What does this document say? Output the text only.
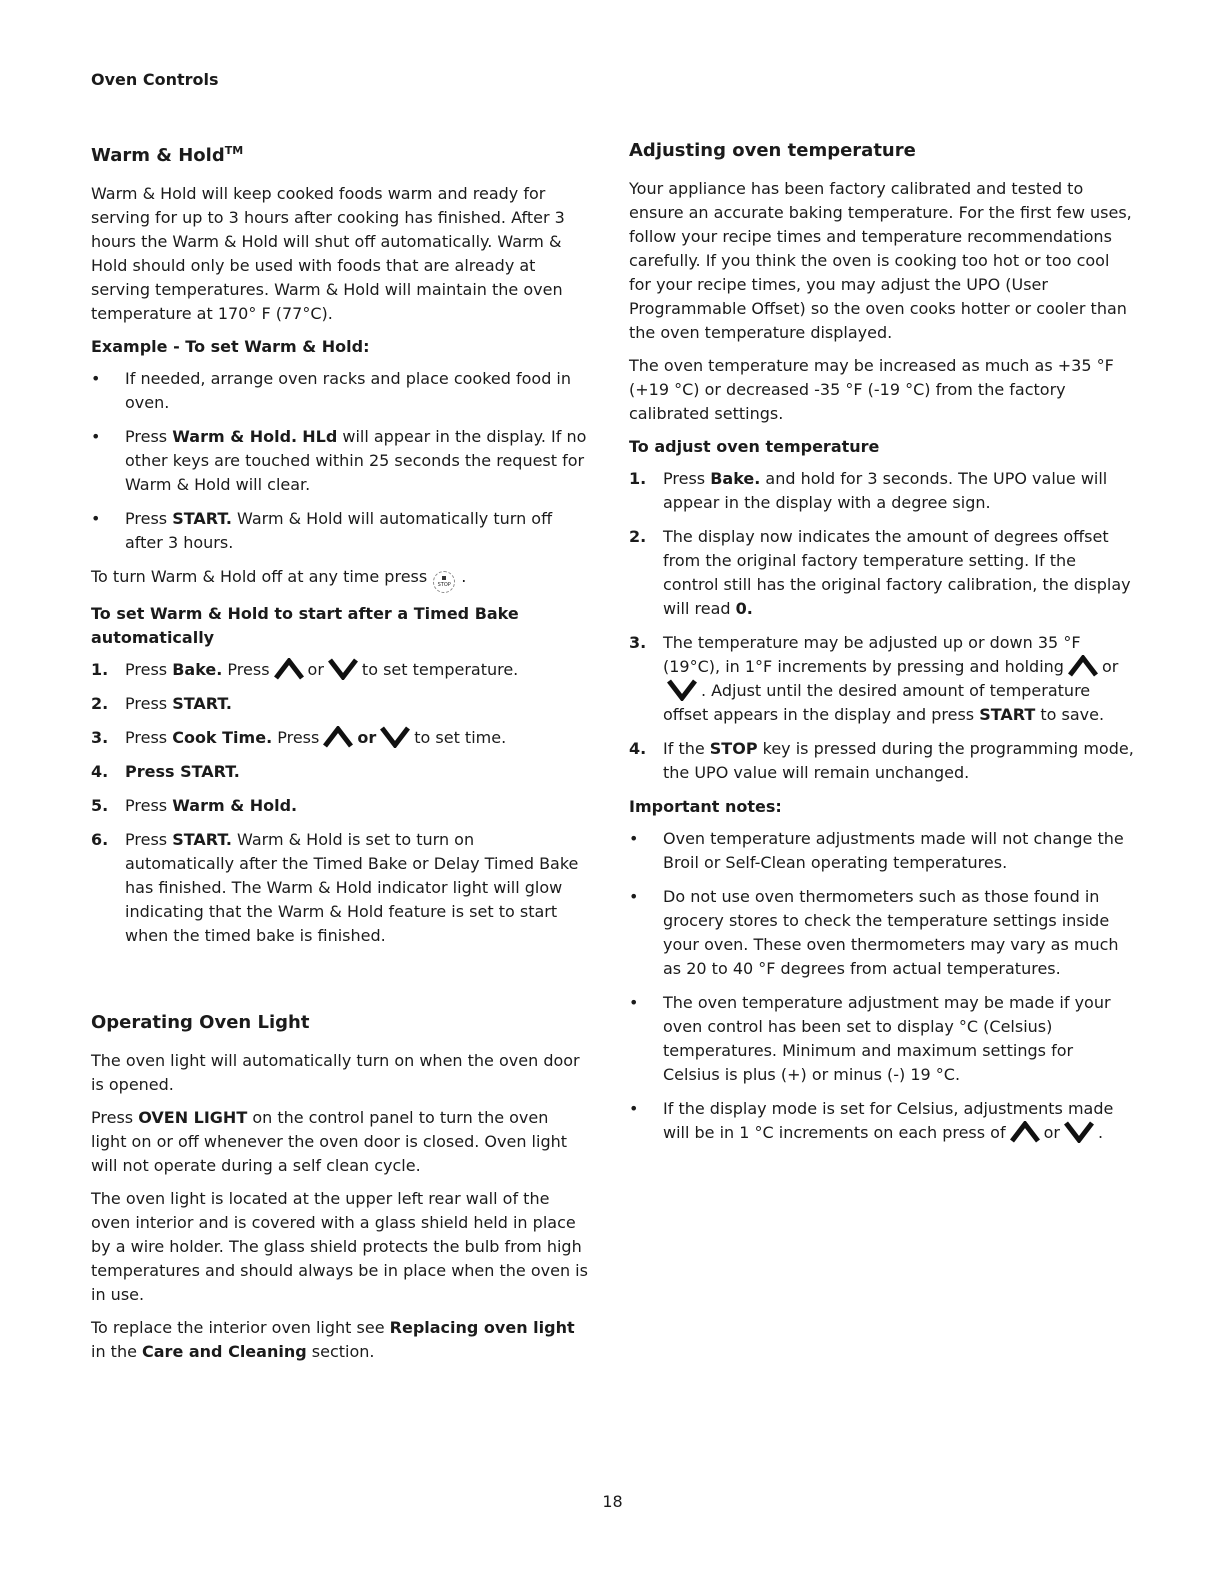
Oven Controls
Warm & Hold™

Warm & Hold will keep cooked foods warm and ready for serving for up to 3 hours after cooking has finished. After 3 hours the Warm & Hold will shut off automatically. Warm & Hold should only be used with foods that are already at serving temperatures. Warm & Hold will maintain the oven temperature at 170° F (77°C).

Example - To set Warm & Hold:
• If needed, arrange oven racks and place cooked food in oven.
• Press Warm & Hold. HLd will appear in the display. If no other keys are touched within 25 seconds the request for Warm & Hold will clear.
• Press START. Warm & Hold will automatically turn off after 3 hours.

To turn Warm & Hold off at any time press STOP .

To set Warm & Hold to start after a Timed Bake automatically
1. Press Bake. Press or to set temperature.
2. Press START.
3. Press Cook Time. Press or to set time.
4. Press START.
5. Press Warm & Hold.
6. Press START. Warm & Hold is set to turn on automatically after the Timed Bake or Delay Timed Bake has finished. The Warm & Hold indicator light will glow indicating that the Warm & Hold feature is set to start when the timed bake is finished.
Operating Oven Light

The oven light will automatically turn on when the oven door is opened.

Press OVEN LIGHT on the control panel to turn the oven light on or off whenever the oven door is closed. Oven light will not operate during a self clean cycle.

The oven light is located at the upper left rear wall of the oven interior and is covered with a glass shield held in place by a wire holder. The glass shield protects the bulb from high temperatures and should always be in place when the oven is in use.

To replace the interior oven light see Replacing oven light in the Care and Cleaning section.

Adjusting oven temperature

Your appliance has been factory calibrated and tested to ensure an accurate baking temperature. For the first few uses, follow your recipe times and temperature recommendations carefully. If you think the oven is cooking too hot or too cool for your recipe times, you may adjust the UPO (User Programmable Offset) so the oven cooks hotter or cooler than the oven temperature displayed.

The oven temperature may be increased as much as +35 °F (+19 °C) or decreased -35 °F (-19 °C) from the factory calibrated settings.

To adjust oven temperature
1. Press Bake. and hold for 3 seconds. The UPO value will appear in the display with a degree sign.
2. The display now indicates the amount of degrees offset from the original factory temperature setting. If the control still has the original factory calibration, the display will read 0.
3. The temperature may be adjusted up or down 35 °F (19°C), in 1°F increments by pressing and holding or . Adjust until the desired amount of temperature offset appears in the display and press START to save.
4. If the STOP key is pressed during the programming mode, the UPO value will remain unchanged.
Important notes:
• Oven temperature adjustments made will not change the Broil or Self-Clean operating temperatures.
• Do not use oven thermometers such as those found in grocery stores to check the temperature settings inside your oven. These oven thermometers may vary as much as 20 to 40 °F degrees from actual temperatures.
• The oven temperature adjustment may be made if your oven control has been set to display °C (Celsius) temperatures. Minimum and maximum settings for Celsius is plus (+) or minus (-) 19 °C.
• If the display mode is set for Celsius, adjustments made will be in 1 °C increments on each press of or .
18
